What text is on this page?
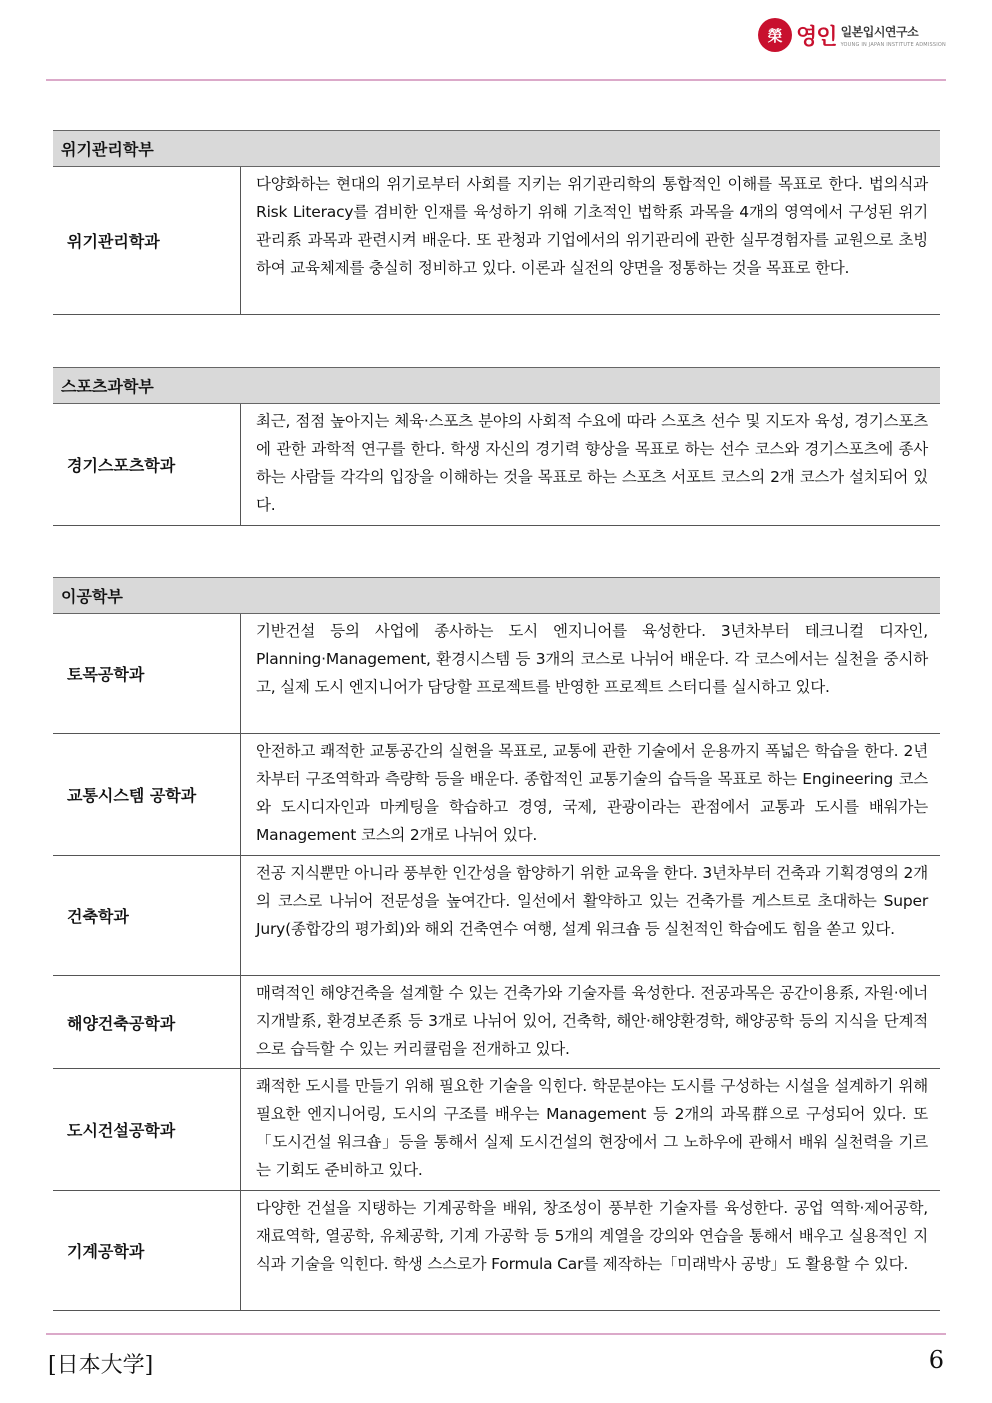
榮 영인 일본입시연구소
YOUNG IN JAPAN INSTITUTE ADMISSION
위기관리학부
위기관리학과
다양화하는 현대의 위기로부터 사회를 지키는 위기관리학의 통합적인 이해를 목표로 한다. 법의식과 Risk Literacy를 겸비한 인재를 육성하기 위해 기초적인 법학系 과목을 4개의 영역에서 구성된 위기관리系 과목과 관련시켜 배운다. 또 관청과 기업에서의 위기관리에 관한 실무경험자를 교원으로 초빙하여 교육체제를 충실히 정비하고 있다. 이론과 실전의 양면을 정통하는 것을 목표로 한다.
스포츠과학부
경기스포츠학과
최근, 점점 높아지는 체육·스포츠 분야의 사회적 수요에 따라 스포츠 선수 및 지도자 육성, 경기스포츠에 관한 과학적 연구를 한다. 학생 자신의 경기력 향상을 목표로 하는 선수 코스와 경기스포츠에 종사하는 사람들 각각의 입장을 이해하는 것을 목표로 하는 스포츠 서포트 코스의 2개 코스가 설치되어 있다.
이공학부
토목공학과
기반건설 등의 사업에 종사하는 도시 엔지니어를 육성한다. 3년차부터 테크니컬 디자인, Planning·Management, 환경시스템 등 3개의 코스로 나뉘어 배운다. 각 코스에서는 실천을 중시하고, 실제 도시 엔지니어가 담당할 프로젝트를 반영한 프로젝트 스터디를 실시하고 있다.
교통시스템 공학과
안전하고 쾌적한 교통공간의 실현을 목표로, 교통에 관한 기술에서 운용까지 폭넓은 학습을 한다. 2년차부터 구조역학과 측량학 등을 배운다. 종합적인 교통기술의 습득을 목표로 하는 Engineering 코스와 도시디자인과 마케팅을 학습하고 경영, 국제, 관광이라는 관점에서 교통과 도시를 배워가는 Management 코스의 2개로 나뉘어 있다.
건축학과
전공 지식뿐만 아니라 풍부한 인간성을 함양하기 위한 교육을 한다. 3년차부터 건축과 기획경영의 2개의 코스로 나뉘어 전문성을 높여간다. 일선에서 활약하고 있는 건축가를 게스트로 초대하는 Super Jury(종합강의 평가회)와 해외 건축연수 여행, 설계 워크숍 등 실천적인 학습에도 힘을 쏟고 있다.
해양건축공학과
매력적인 해양건축을 설계할 수 있는 건축가와 기술자를 육성한다. 전공과목은 공간이용系, 자원·에너지개발系, 환경보존系 등 3개로 나뉘어 있어, 건축학, 해안·해양환경학, 해양공학 등의 지식을 단계적으로 습득할 수 있는 커리큘럼을 전개하고 있다.
도시건설공학과
쾌적한 도시를 만들기 위해 필요한 기술을 익힌다. 학문분야는 도시를 구성하는 시설을 설계하기 위해 필요한 엔지니어링, 도시의 구조를 배우는 Management 등 2개의 과목群으로 구성되어 있다. 또「도시건설 워크숍」등을 통해서 실제 도시건설의 현장에서 그 노하우에 관해서 배워 실천력을 기르는 기회도 준비하고 있다.
기계공학과
다양한 건설을 지탱하는 기계공학을 배워, 창조성이 풍부한 기술자를 육성한다. 공업 역학·제어공학, 재료역학, 열공학, 유체공학, 기계 가공학 등 5개의 계열을 강의와 연습을 통해서 배우고 실용적인 지식과 기술을 익힌다. 학생 스스로가 Formula Car를 제작하는「미래박사 공방」도 활용할 수 있다.
[日本大学]	6
